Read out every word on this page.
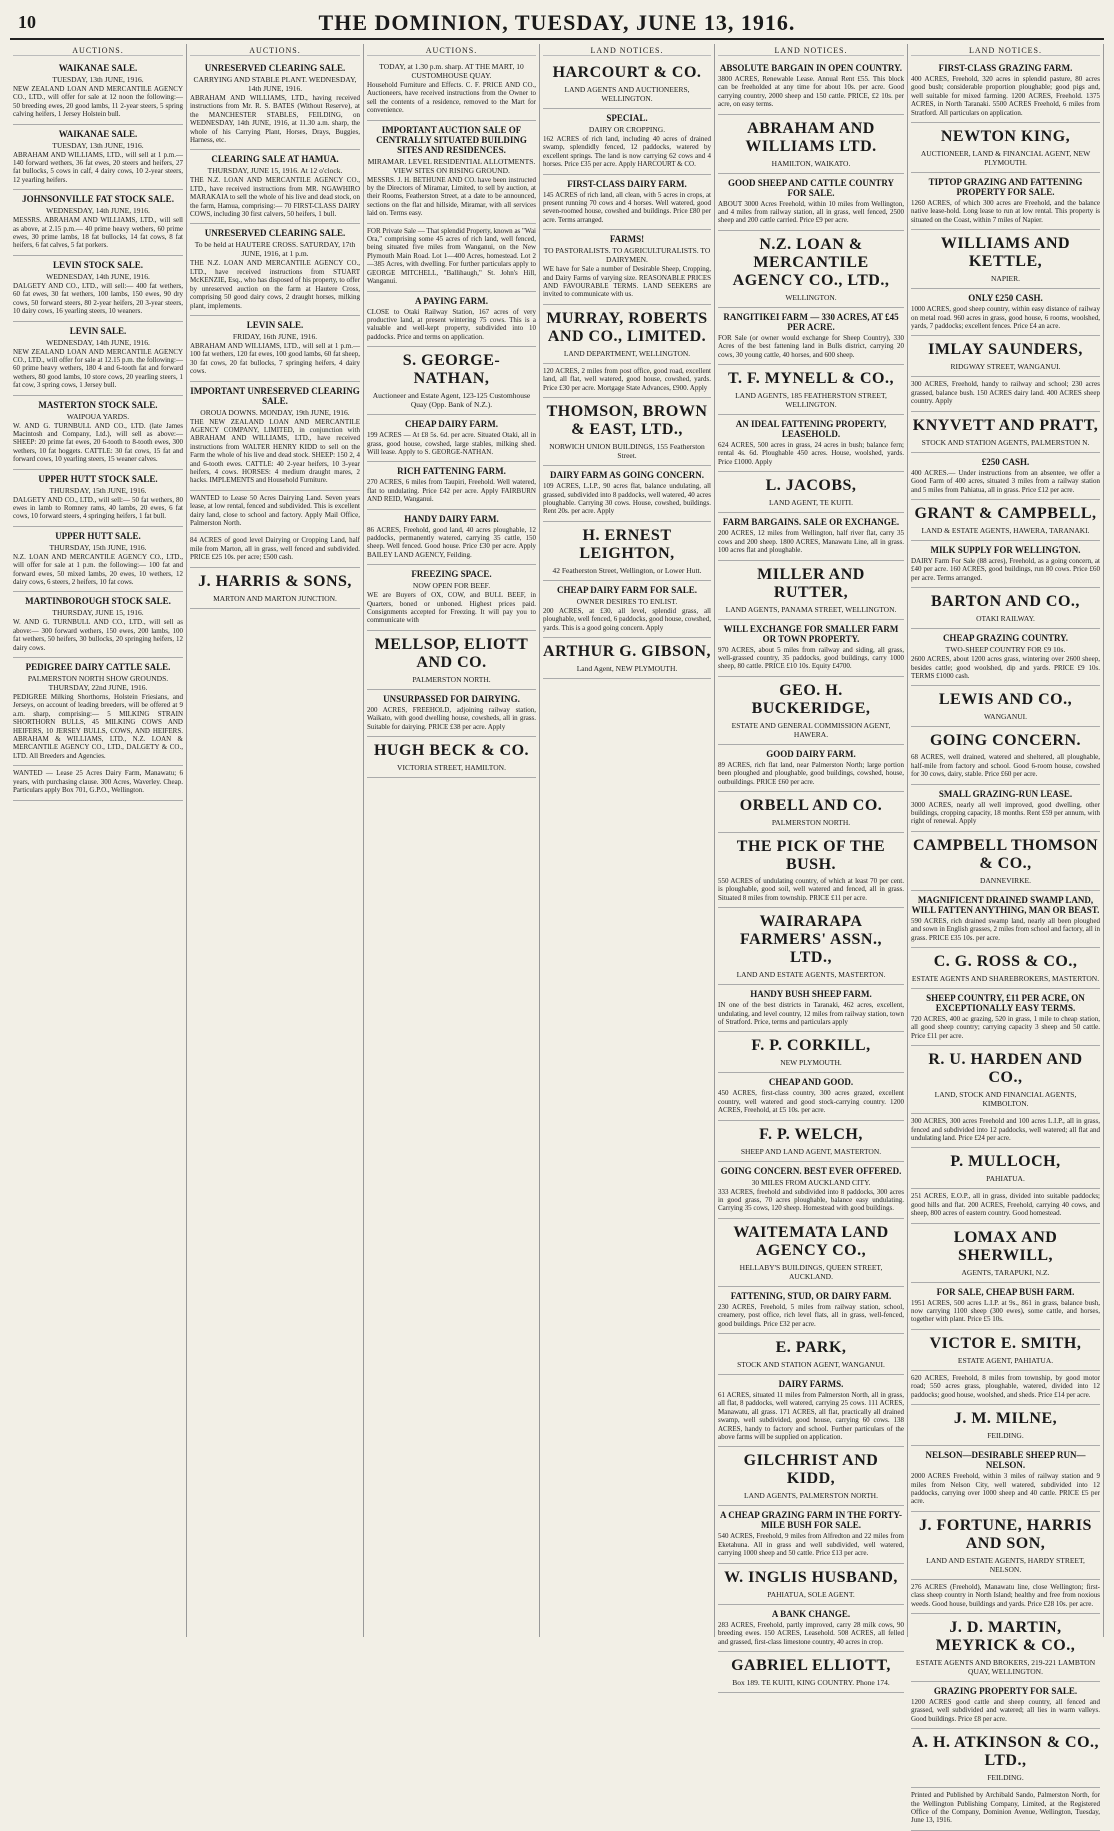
10	THE DOMINION, TUESDAY, JUNE 13, 1916.
AUCTIONS.
WAIKANAE SALE.
TUESDAY, 13th JUNE, 1916.
NEW ZEALAND LOAN AND MERCANTILE AGENCY CO., LTD., will offer for sale at 12 noon the following:— 50 breeding ewes, 20 good lambs, 11 2-year steers, 5 spring calving heifers, 1 Jersey Holstein bull.
WAIKANAE SALE.
TUESDAY, 13th JUNE, 1916.
ABRAHAM AND WILLIAMS, LTD., will sell at 1 p.m.— 140 forward wethers, 36 fat ewes, 20 steers and heifers, 27 fat bullocks, 5 cows in calf, 4 dairy cows, 10 2-year steers, 12 yearling heifers.
JOHNSONVILLE FAT STOCK SALE.
WEDNESDAY, 14th JUNE, 1916.
MESSRS. ABRAHAM AND WILLIAMS, LTD., will sell as above, at 2.15 p.m.— 40 prime heavy wethers, 60 prime ewes, 30 prime lambs, 18 fat bullocks, 14 fat cows, 8 fat heifers, 6 fat calves, 5 fat porkers.
LEVIN STOCK SALE.
WEDNESDAY, 14th JUNE, 1916.
DALGETY AND CO., LTD., will sell:— 400 fat wethers, 60 fat ewes, 30 fat wethers, 100 lambs, 150 ewes, 90 dry cows, 50 forward steers, 80 2-year heifers, 20 3-year steers, 10 dairy cows, 16 yearling steers, 10 weaners.
LEVIN SALE.
WEDNESDAY, 14th JUNE, 1916.
NEW ZEALAND LOAN AND MERCANTILE AGENCY CO., LTD., will offer for sale at 12.15 p.m. the following:— 60 prime heavy wethers, 180 4 and 6-tooth fat and forward wethers, 80 good lambs, 10 store cows, 20 yearling steers, 1 fat cow, 3 spring cows, 1 Jersey bull.
MASTERTON STOCK SALE.
WAIPOUA YARDS.
W. AND G. TURNBULL AND CO., LTD. (late James Macintosh and Company, Ltd.), will sell as above:— SHEEP: 20 prime fat ewes, 20 6-tooth to 8-tooth ewes, 300 wethers, 10 fat hoggets. CATTLE: 30 fat cows, 15 fat and forward cows, 10 yearling steers, 15 weaner calves.
UPPER HUTT STOCK SALE.
THURSDAY, 15th JUNE, 1916.
DALGETY AND CO., LTD., will sell:— 50 fat wethers, 80 ewes in lamb to Romney rams, 40 lambs, 20 ewes, 6 fat cows, 10 forward steers, 4 springing heifers, 1 fat bull.
UPPER HUTT SALE.
THURSDAY, 15th JUNE, 1916.
N.Z. LOAN AND MERCANTILE AGENCY CO., LTD., will offer for sale at 1 p.m. the following:— 100 fat and forward ewes, 50 mixed lambs, 20 ewes, 10 wethers, 12 dairy cows, 6 steers, 2 heifers, 10 fat cows.
MARTINBOROUGH STOCK SALE.
THURSDAY, JUNE 15, 1916.
W. AND G. TURNBULL AND CO., LTD., will sell as above:— 300 forward wethers, 150 ewes, 200 lambs, 100 fat wethers, 50 heifers, 30 bullocks, 20 springing heifers, 12 dairy cows.
PEDIGREE DAIRY CATTLE SALE.
PALMERSTON NORTH SHOW GROUNDS. THURSDAY, 22nd JUNE, 1916.
PEDIGREE Milking Shorthorns, Holstein Friesians, and Jerseys, on account of leading breeders, will be offered at 9 a.m. sharp, comprising:— 5 MILKING STRAIN SHORTHORN BULLS, 45 MILKING COWS AND HEIFERS, 10 JERSEY BULLS, COWS, AND HEIFERS. ABRAHAM & WILLIAMS, LTD., N.Z. LOAN & MERCANTILE AGENCY CO., LTD., DALGETY & CO., LTD. All Breeders and Agencies.
WANTED — Lease 25 Acres Dairy Farm, Manawatu; 6 years, with purchasing clause. 300 Acres, Waverley. Cheap. Particulars apply Box 701, G.P.O., Wellington.
AUCTIONS.
UNRESERVED CLEARING SALE.
CARRYING AND STABLE PLANT. WEDNESDAY, 14th JUNE, 1916.
ABRAHAM AND WILLIAMS, LTD., having received instructions from Mr. R. S. BATES (Without Reserve), at the MANCHESTER STABLES, FEILDING, on WEDNESDAY, 14th JUNE, 1916, at 11.30 a.m. sharp, the whole of his Carrying Plant, Horses, Drays, Buggies, Harness, etc.
CLEARING SALE AT HAMUA.
THURSDAY, JUNE 15, 1916. At 12 o'clock.
THE N.Z. LOAN AND MERCANTILE AGENCY CO., LTD., have received instructions from MR. NGAWHIRO MARAKAIA to sell the whole of his live and dead stock, on the farm, Hamua, comprising:— 70 FIRST-CLASS DAIRY COWS, including 30 first calvers, 50 heifers, 1 bull.
UNRESERVED CLEARING SALE.
To be held at HAUTERE CROSS. SATURDAY, 17th JUNE, 1916, at 1 p.m.
THE N.Z. LOAN AND MERCANTILE AGENCY CO., LTD., have received instructions from STUART McKENZIE, Esq., who has disposed of his property, to offer by unreserved auction on the farm at Hautere Cross, comprising 50 good dairy cows, 2 draught horses, milking plant, implements.
LEVIN SALE.
FRIDAY, 16th JUNE, 1916.
ABRAHAM AND WILLIAMS, LTD., will sell at 1 p.m.— 100 fat wethers, 120 fat ewes, 100 good lambs, 60 fat sheep, 30 fat cows, 20 fat bullocks, 7 springing heifers, 4 dairy cows.
IMPORTANT UNRESERVED CLEARING SALE.
OROUA DOWNS. MONDAY, 19th JUNE, 1916.
THE NEW ZEALAND LOAN AND MERCANTILE AGENCY COMPANY, LIMITED, in conjunction with ABRAHAM AND WILLIAMS, LTD., have received instructions from WALTER HENRY KIDD to sell on the Farm the whole of his live and dead stock. SHEEP: 150 2, 4 and 6-tooth ewes. CATTLE: 40 2-year heifers, 10 3-year heifers, 4 cows. HORSES: 4 medium draught mares, 2 hacks. IMPLEMENTS and Household Furniture.
WANTED to Lease 50 Acres Dairying Land. Seven years lease, at low rental, fenced and subdivided. This is excellent dairy land, close to school and factory. Apply Mail Office, Palmerston North.
84 ACRES of good level Dairying or Cropping Land, half mile from Marton, all in grass, well fenced and subdivided. PRICE £25 10s. per acre; £500 cash.
J. HARRIS & SONS,
MARTON AND MARTON JUNCTION.
AUCTIONS.
TODAY, at 1.30 p.m. sharp. AT THE MART, 10 CUSTOMHOUSE QUAY.
Household Furniture and Effects. C. F. PRICE AND CO., Auctioneers, have received instructions from the Owner to sell the contents of a residence, removed to the Mart for convenience.
IMPORTANT AUCTION SALE OF CENTRALLY SITUATED BUILDING SITES AND RESIDENCES.
MIRAMAR. LEVEL RESIDENTIAL ALLOTMENTS. VIEW SITES ON RISING GROUND.
MESSRS. J. H. BETHUNE AND CO. have been instructed by the Directors of Miramar, Limited, to sell by auction, at their Rooms, Featherston Street, at a date to be announced, sections on the flat and hillside, Miramar, with all services laid on. Terms easy.
FOR Private Sale — That splendid Property, known as "Wai Ora," comprising some 45 acres of rich land, well fenced, being situated five miles from Wanganui, on the New Plymouth Main Road. Lot 1—400 Acres, homestead. Lot 2—385 Acres, with dwelling. For further particulars apply to GEORGE MITCHELL, "Ballihaugh," St. John's Hill, Wanganui.
A PAYING FARM.
CLOSE to Otaki Railway Station, 167 acres of very productive land, at present wintering 75 cows. This is a valuable and well-kept property, subdivided into 10 paddocks. Price and terms on application.
S. GEORGE-NATHAN,
Auctioneer and Estate Agent, 123-125 Customhouse Quay (Opp. Bank of N.Z.).
CHEAP DAIRY FARM.
199 ACRES — At £8 5s. 6d. per acre. Situated Otaki, all in grass, good house, cowshed, large stables, milking shed. Will lease. Apply to S. GEORGE-NATHAN.
RICH FATTENING FARM.
270 ACRES, 6 miles from Taupiri, Freehold. Well watered, flat to undulating. Price £42 per acre. Apply FAIRBURN AND REID, Wanganui.
HANDY DAIRY FARM.
86 ACRES, Freehold, good land, 40 acres ploughable, 12 paddocks, permanently watered, carrying 35 cattle, 150 sheep. Well fenced. Good house. Price £30 per acre. Apply BAILEY LAND AGENCY, Feilding.
FREEZING SPACE.
NOW OPEN FOR BEEF.
WE are Buyers of OX, COW, and BULL BEEF, in Quarters, boned or unboned. Highest prices paid. Consignments accepted for Freezing. It will pay you to communicate with
MELLSOP, ELIOTT AND CO.
PALMERSTON NORTH.
UNSURPASSED FOR DAIRYING.
200 ACRES, FREEHOLD, adjoining railway station, Waikato, with good dwelling house, cowsheds, all in grass. Suitable for dairying. PRICE £38 per acre. Apply
HUGH BECK & CO.
VICTORIA STREET, HAMILTON.
LAND NOTICES.
HARCOURT & CO.
LAND AGENTS AND AUCTIONEERS, WELLINGTON.
SPECIAL.
DAIRY OR CROPPING.
162 ACRES of rich land, including 40 acres of drained swamp, splendidly fenced, 12 paddocks, watered by excellent springs. The land is now carrying 62 cows and 4 horses. Price £35 per acre. Apply HARCOURT & CO.
FIRST-CLASS DAIRY FARM.
145 ACRES of rich land, all clean, with 5 acres in crops, at present running 70 cows and 4 horses. Well watered, good seven-roomed house, cowshed and buildings. Price £80 per acre. Terms arranged.
FARMS!
TO PASTORALISTS. TO AGRICULTURALISTS. TO DAIRYMEN.
WE have for Sale a number of Desirable Sheep, Cropping, and Dairy Farms of varying size. REASONABLE PRICES AND FAVOURABLE TERMS. LAND SEEKERS are invited to communicate with us.
MURRAY, ROBERTS AND CO., LIMITED.
LAND DEPARTMENT, WELLINGTON.
120 ACRES, 2 miles from post office, good road, excellent land, all flat, well watered, good house, cowshed, yards. Price £30 per acre. Mortgage State Advances, £900. Apply
THOMSON, BROWN & EAST, LTD.,
NORWICH UNION BUILDINGS, 155 Featherston Street.
DAIRY FARM AS GOING CONCERN.
109 ACRES, L.I.P., 90 acres flat, balance undulating, all grassed, subdivided into 8 paddocks, well watered, 40 acres ploughable. Carrying 30 cows. House, cowshed, buildings. Rent 20s. per acre. Apply
H. ERNEST LEIGHTON,
42 Featherston Street, Wellington, or Lower Hutt.
CHEAP DAIRY FARM FOR SALE.
OWNER DESIRES TO ENLIST.
200 ACRES, at £30, all level, splendid grass, all ploughable, well fenced, 6 paddocks, good house, cowshed, yards. This is a good going concern. Apply
ARTHUR G. GIBSON,
Land Agent, NEW PLYMOUTH.
LAND NOTICES.
ABSOLUTE BARGAIN IN OPEN COUNTRY.
3800 ACRES, Renewable Lease. Annual Rent £55. This block can be freeholded at any time for about 10s. per acre. Good carrying country, 2000 sheep and 150 cattle. PRICE, £2 10s. per acre, on easy terms.
ABRAHAM AND WILLIAMS LTD.
HAMILTON, WAIKATO.
GOOD SHEEP AND CATTLE COUNTRY FOR SALE.
ABOUT 3000 Acres Freehold, within 10 miles from Wellington, and 4 miles from railway station, all in grass, well fenced, 2500 sheep and 200 cattle carried. Price £9 per acre.
N.Z. LOAN & MERCANTILE AGENCY CO., LTD.,
WELLINGTON.
RANGITIKEI FARM — 330 ACRES, AT £45 PER ACRE.
FOR Sale (or owner would exchange for Sheep Country), 330 Acres of the best fattening land in Bulls district, carrying 20 cows, 30 young cattle, 40 horses, and 600 sheep.
T. F. MYNELL & CO.,
LAND AGENTS, 185 FEATHERSTON STREET, WELLINGTON.
AN IDEAL FATTENING PROPERTY, LEASEHOLD.
624 ACRES, 500 acres in grass, 24 acres in bush; balance fern; rental 4s. 6d. Ploughable 450 acres. House, woolshed, yards. Price £1000. Apply
L. JACOBS,
LAND AGENT, TE KUITI.
FARM BARGAINS. SALE OR EXCHANGE.
200 ACRES, 12 miles from Wellington, half river flat, carry 35 cows and 200 sheep. 1800 ACRES, Manawatu Line, all in grass. 100 acres flat and ploughable.
MILLER AND RUTTER,
LAND AGENTS, PANAMA STREET, WELLINGTON.
WILL EXCHANGE FOR SMALLER FARM OR TOWN PROPERTY.
970 ACRES, about 5 miles from railway and siding, all grass, well-grassed country, 35 paddocks, good buildings, carry 1000 sheep, 80 cattle. PRICE £10 10s. Equity £4700.
GEO. H. BUCKERIDGE,
ESTATE AND GENERAL COMMISSION AGENT, HAWERA.
GOOD DAIRY FARM.
89 ACRES, rich flat land, near Palmerston North; large portion been ploughed and ploughable, good buildings, cowshed, house, outbuildings. PRICE £60 per acre.
ORBELL AND CO.
PALMERSTON NORTH.
THE PICK OF THE BUSH.
550 ACRES of undulating country, of which at least 70 per cent. is ploughable, good soil, well watered and fenced, all in grass. Situated 8 miles from township. PRICE £11 per acre.
WAIRARAPA FARMERS' ASSN., LTD.,
LAND AND ESTATE AGENTS, MASTERTON.
HANDY BUSH SHEEP FARM.
IN one of the best districts in Taranaki, 462 acres, excellent, undulating, and level country, 12 miles from railway station, town of Stratford. Price, terms and particulars apply
F. P. CORKILL,
NEW PLYMOUTH.
CHEAP AND GOOD.
450 ACRES, first-class country, 300 acres grazed, excellent country, well watered and good stock-carrying country. 1200 ACRES, Freehold, at £5 10s. per acre.
F. P. WELCH,
SHEEP AND LAND AGENT, MASTERTON.
GOING CONCERN. BEST EVER OFFERED.
30 MILES FROM AUCKLAND CITY.
333 ACRES, freehold and subdivided into 8 paddocks, 300 acres in good grass, 70 acres ploughable, balance easy undulating. Carrying 35 cows, 120 sheep. Homestead with good buildings.
WAITEMATA LAND AGENCY CO.,
HELLABY'S BUILDINGS, QUEEN STREET, AUCKLAND.
FATTENING, STUD, OR DAIRY FARM.
230 ACRES, Freehold, 5 miles from railway station, school, creamery, post office, rich level flats, all in grass, well-fenced, good buildings. Price £32 per acre.
E. PARK,
STOCK AND STATION AGENT, WANGANUI.
DAIRY FARMS.
61 ACRES, situated 11 miles from Palmerston North, all in grass, all flat, 8 paddocks, well watered, carrying 25 cows. 111 ACRES, Manawatu, all grass. 171 ACRES, all flat, practically all drained swamp, well subdivided, good house, carrying 60 cows. 138 ACRES, handy to factory and school. Further particulars of the above farms will be supplied on application.
GILCHRIST AND KIDD,
LAND AGENTS, PALMERSTON NORTH.
A CHEAP GRAZING FARM IN THE FORTY-MILE BUSH FOR SALE.
540 ACRES, Freehold, 9 miles from Alfredton and 22 miles from Eketahuna. All in grass and well subdivided, well watered, carrying 1000 sheep and 50 cattle. Price £13 per acre.
W. INGLIS HUSBAND,
PAHIATUA, SOLE AGENT.
A BANK CHANGE.
283 ACRES, Freehold, partly improved, carry 28 milk cows, 90 breeding ewes. 150 ACRES, Leasehold. 508 ACRES, all felled and grassed, first-class limestone country, 40 acres in crop.
GABRIEL ELLIOTT,
Box 189. TE KUITI, KING COUNTRY. Phone 174.
LAND NOTICES.
FIRST-CLASS GRAZING FARM.
400 ACRES, Freehold, 320 acres in splendid pasture, 80 acres good bush; considerable proportion ploughable; good pigs and, well suitable for mixed farming. 1200 ACRES, Freehold. 1375 ACRES, in North Taranaki. 5500 ACRES Freehold, 6 miles from Stratford. All particulars on application.
NEWTON KING,
AUCTIONEER, LAND & FINANCIAL AGENT, NEW PLYMOUTH.
TIPTOP GRAZING AND FATTENING PROPERTY FOR SALE.
1260 ACRES, of which 300 acres are Freehold, and the balance native lease-hold. Long lease to run at low rental. This property is situated on the Coast, within 7 miles of Napier.
WILLIAMS AND KETTLE,
NAPIER.
ONLY £250 CASH.
1000 ACRES, good sheep country, within easy distance of railway on metal road. 960 acres in grass, good house, 6 rooms, woolshed, yards, 7 paddocks; excellent fences. Price £4 an acre.
IMLAY SAUNDERS,
RIDGWAY STREET, WANGANUI.
300 ACRES, Freehold, handy to railway and school; 230 acres grassed, balance bush. 150 ACRES dairy land. 400 ACRES sheep country. Apply
KNYVETT AND PRATT,
STOCK AND STATION AGENTS, PALMERSTON N.
£250 CASH.
400 ACRES.— Under instructions from an absentee, we offer a Good Farm of 400 acres, situated 3 miles from a railway station and 5 miles from Pahiatua, all in grass. Price £12 per acre.
GRANT & CAMPBELL,
LAND & ESTATE AGENTS, HAWERA, TARANAKI.
MILK SUPPLY FOR WELLINGTON.
DAIRY Farm For Sale (88 acres), Freehold, as a going concern, at £40 per acre. 160 ACRES, good buildings, run 80 cows. Price £60 per acre. Terms arranged.
BARTON AND CO.,
OTAKI RAILWAY.
CHEAP GRAZING COUNTRY.
TWO-SHEEP COUNTRY FOR £9 10s.
2600 ACRES, about 1200 acres grass, wintering over 2600 sheep, besides cattle; good woolshed, dip and yards. PRICE £9 10s. TERMS £1000 cash.
LEWIS AND CO.,
WANGANUI.
GOING CONCERN.
68 ACRES, well drained, watered and sheltered, all ploughable, half-mile from factory and school. Good 6-room house, cowshed for 30 cows, dairy, stable. Price £60 per acre.
SMALL GRAZING-RUN LEASE.
3000 ACRES, nearly all well improved, good dwelling, other buildings, cropping capacity, 18 months. Rent £59 per annum, with right of renewal. Apply
CAMPBELL THOMSON & CO.,
DANNEVIRKE.
MAGNIFICENT DRAINED SWAMP LAND, WILL FATTEN ANYTHING, MAN OR BEAST.
590 ACRES, rich drained swamp land, nearly all been ploughed and sown in English grasses, 2 miles from school and factory, all in grass. PRICE £35 10s. per acre.
C. G. ROSS & CO.,
ESTATE AGENTS AND SHAREBROKERS, MASTERTON.
SHEEP COUNTRY, £11 PER ACRE, ON EXCEPTIONALLY EASY TERMS.
720 ACRES, 400 ac grazing, 520 in grass, 1 mile to cheap station, all good sheep country; carrying capacity 3 sheep and 50 cattle. Price £11 per acre.
R. U. HARDEN AND CO.,
LAND, STOCK AND FINANCIAL AGENTS, KIMBOLTON.
300 ACRES, 300 acres Freehold and 100 acres L.I.P., all in grass, fenced and subdivided into 12 paddocks, well watered; all flat and undulating land. Price £24 per acre.
P. MULLOCH,
PAHIATUA.
251 ACRES, E.O.P., all in grass, divided into suitable paddocks; good hills and flat. 200 ACRES, Freehold, carrying 40 cows, and sheep, 800 acres of eastern country. Good homestead.
LOMAX AND SHERWILL,
AGENTS, TARAPUKI, N.Z.
FOR SALE, CHEAP BUSH FARM.
1951 ACRES, 500 acres L.I.P. at 9s., 861 in grass, balance bush, now carrying 1100 sheep (300 ewes), some cattle, and horses, together with plant. Price £5 10s.
VICTOR E. SMITH,
ESTATE AGENT, PAHIATUA.
620 ACRES, Freehold, 8 miles from township, by good motor road; 550 acres grass, ploughable, watered, divided into 12 paddocks; good house, woolshed, and sheds. Price £14 per acre.
J. M. MILNE,
FEILDING.
NELSON—DESIRABLE SHEEP RUN—NELSON.
2000 ACRES Freehold, within 3 miles of railway station and 9 miles from Nelson City, well watered, subdivided into 12 paddocks, carrying over 1000 sheep and 40 cattle. PRICE £5 per acre.
J. FORTUNE, HARRIS AND SON,
LAND AND ESTATE AGENTS, HARDY STREET, NELSON.
276 ACRES (Freehold), Manawatu line, close Wellington; first-class sheep country in North Island; healthy and free from noxious weeds. Good house, buildings and yards. Price £28 10s. per acre.
J. D. MARTIN, MEYRICK & CO.,
ESTATE AGENTS AND BROKERS, 219-221 LAMBTON QUAY, WELLINGTON.
GRAZING PROPERTY FOR SALE.
1200 ACRES good cattle and sheep country, all fenced and grassed, well subdivided and watered; all lies in warm valleys. Good buildings. Price £8 per acre.
A. H. ATKINSON & CO., LTD.,
FEILDING.
Printed and Published by Archibald Sando, Palmerston North, for the Wellington Publishing Company, Limited, at the Registered Office of the Company, Dominion Avenue, Wellington, Tuesday, June 13, 1916.
